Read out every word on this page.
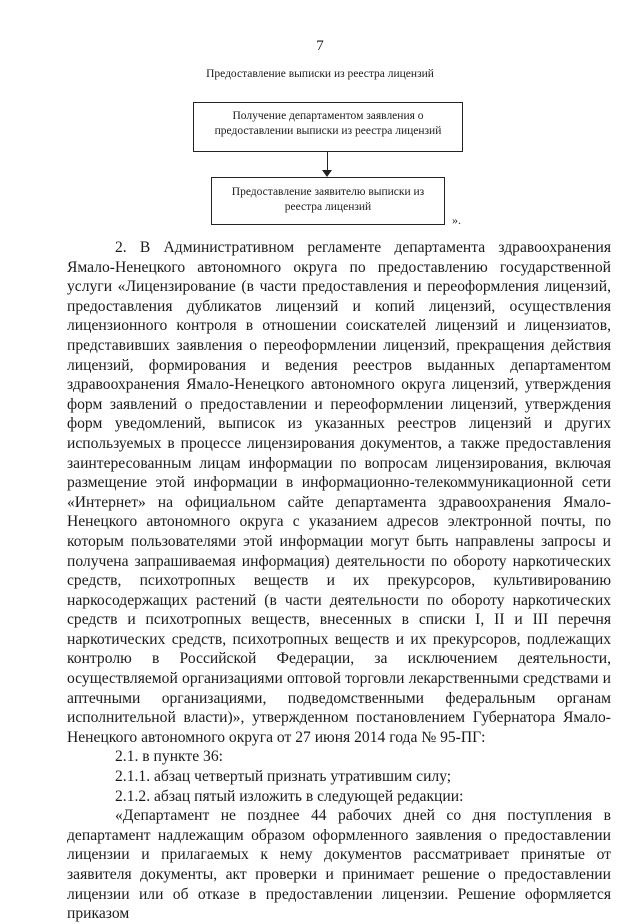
7
Предоставление выписки из реестра лицензий
Получение департаментом заявления о
предоставлении выписки из реестра лицензий
Предоставление заявителю выписки из
реестра лицензий
».

2. В Административном регламенте департамента здравоохранения Ямало-Ненецкого автономного округа по предоставлению государственной услуги «Лицензирование (в части предоставления и переоформления лицензий, предоставления дубликатов лицензий и копий лицензий, осуществления лицензионного контроля в отношении соискателей лицензий и лицензиатов, представивших заявления о переоформлении лицензий, прекращения действия лицензий, формирования и ведения реестров выданных департаментом здравоохранения Ямало-Ненецкого автономного округа лицензий, утверждения форм заявлений о предоставлении и переоформлении лицензий, утверждения форм уведомлений, выписок из указанных реестров лицензий и других используемых в процессе лицензирования документов, а также предоставления заинтересованным лицам информации по вопросам лицензирования, включая размещение этой информации в информационно-телекоммуникационной сети «Интернет» на официальном сайте департамента здравоохранения Ямало-Ненецкого автономного округа с указанием адресов электронной почты, по которым пользователями этой информации могут быть направлены запросы и получена запрашиваемая информация) деятельности по обороту наркотических средств, психотропных веществ и их прекурсоров, культивированию наркосодержащих растений (в части деятельности по обороту наркотических средств и психотропных веществ, внесенных в списки I, II и III перечня наркотических средств, психотропных веществ и их прекурсоров, подлежащих контролю в Российской Федерации, за исключением деятельности, осуществляемой организациями оптовой торговли лекарственными средствами и аптечными организациями, подведомственными федеральным органам исполнительной власти)», утвержденном постановлением Губернатора Ямало-Ненецкого автономного округа от 27 июня 2014 года № 95-ПГ:

2.1. в пункте 36:

2.1.1. абзац четвертый признать утратившим силу;

2.1.2. абзац пятый изложить в следующей редакции:

«Департамент не позднее 44 рабочих дней со дня поступления в департамент надлежащим образом оформленного заявления о предоставлении лицензии и прилагаемых к нему документов рассматривает принятые от заявителя документы, акт проверки и принимает решение о предоставлении лицензии или об отказе в предоставлении лицензии. Решение оформляется приказом
